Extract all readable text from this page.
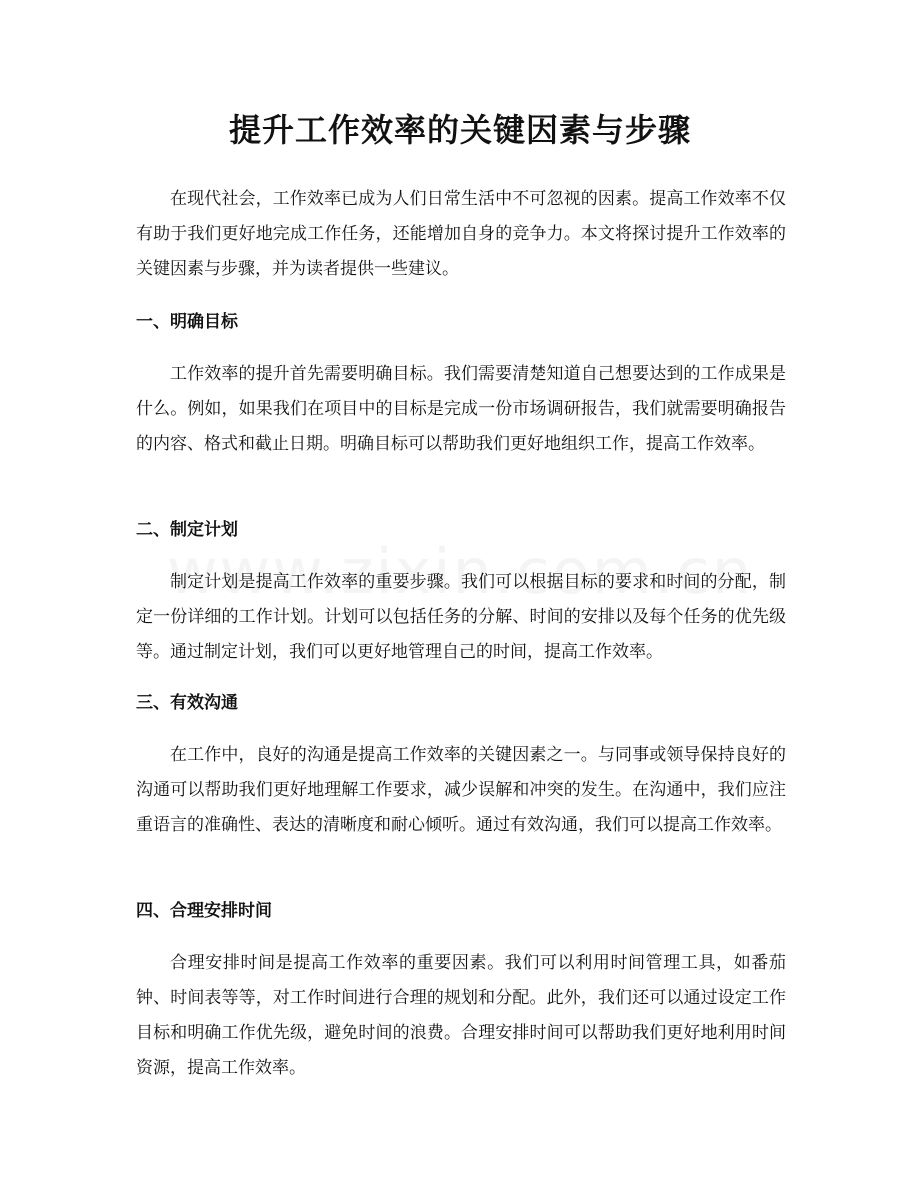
提升工作效率的关键因素与步骤

在现代社会，工作效率已成为人们日常生活中不可忽视的因素。提高工作效率不仅有助于我们更好地完成工作任务，还能增加自身的竞争力。本文将探讨提升工作效率的关键因素与步骤，并为读者提供一些建议。

一、明确目标

工作效率的提升首先需要明确目标。我们需要清楚知道自己想要达到的工作成果是什么。例如，如果我们在项目中的目标是完成一份市场调研报告，我们就需要明确报告的内容、格式和截止日期。明确目标可以帮助我们更好地组织工作，提高工作效率。

二、制定计划

制定计划是提高工作效率的重要步骤。我们可以根据目标的要求和时间的分配，制定一份详细的工作计划。计划可以包括任务的分解、时间的安排以及每个任务的优先级等。通过制定计划，我们可以更好地管理自己的时间，提高工作效率。

三、有效沟通

在工作中，良好的沟通是提高工作效率的关键因素之一。与同事或领导保持良好的沟通可以帮助我们更好地理解工作要求，减少误解和冲突的发生。在沟通中，我们应注重语言的准确性、表达的清晰度和耐心倾听。通过有效沟通，我们可以提高工作效率。

四、合理安排时间

合理安排时间是提高工作效率的重要因素。我们可以利用时间管理工具，如番茄钟、时间表等等，对工作时间进行合理的规划和分配。此外，我们还可以通过设定工作目标和明确工作优先级，避免时间的浪费。合理安排时间可以帮助我们更好地利用时间资源，提高工作效率。
